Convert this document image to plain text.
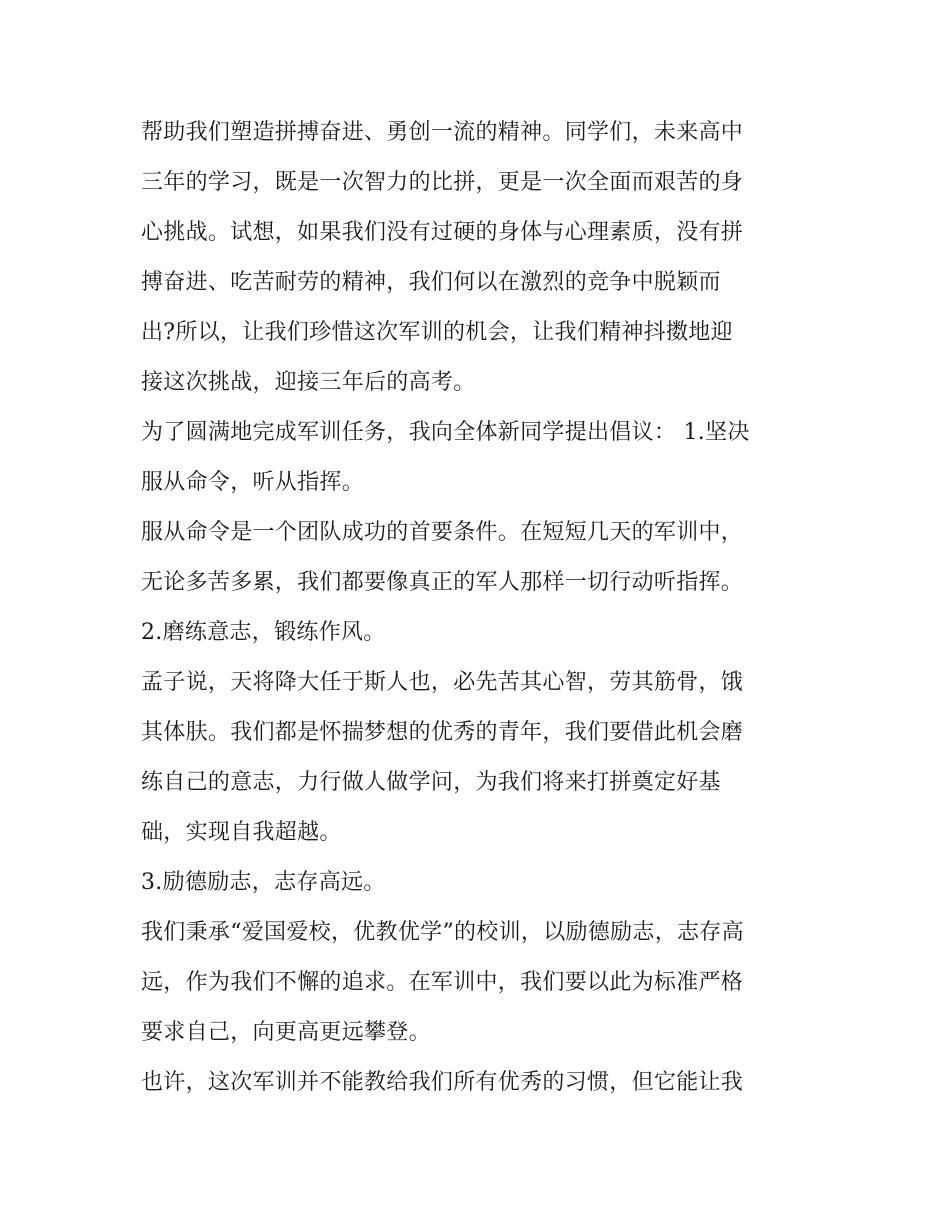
帮助我们塑造拼搏奋进、勇创一流的精神。同学们，未来高中
三年的学习，既是一次智力的比拼，更是一次全面而艰苦的身
心挑战。试想，如果我们没有过硬的身体与心理素质，没有拼
搏奋进、吃苦耐劳的精神，我们何以在激烈的竞争中脱颖而
出?所以，让我们珍惜这次军训的机会，让我们精神抖擞地迎
接这次挑战，迎接三年后的高考。
为了圆满地完成军训任务，我向全体新同学提出倡议： 1.坚决
服从命令，听从指挥。
服从命令是一个团队成功的首要条件。在短短几天的军训中，
无论多苦多累，我们都要像真正的军人那样一切行动听指挥。
2.磨练意志，锻练作风。
孟子说，天将降大任于斯人也，必先苦其心智，劳其筋骨，饿
其体肤。我们都是怀揣梦想的优秀的青年，我们要借此机会磨
练自己的意志，力行做人做学问，为我们将来打拼奠定好基
础，实现自我超越。
3.励德励志，志存高远。
我们秉承“爱国爱校，优教优学”的校训，以励德励志，志存高
远，作为我们不懈的追求。在军训中，我们要以此为标准严格
要求自己，向更高更远攀登。
也许，这次军训并不能教给我们所有优秀的习惯，但它能让我
